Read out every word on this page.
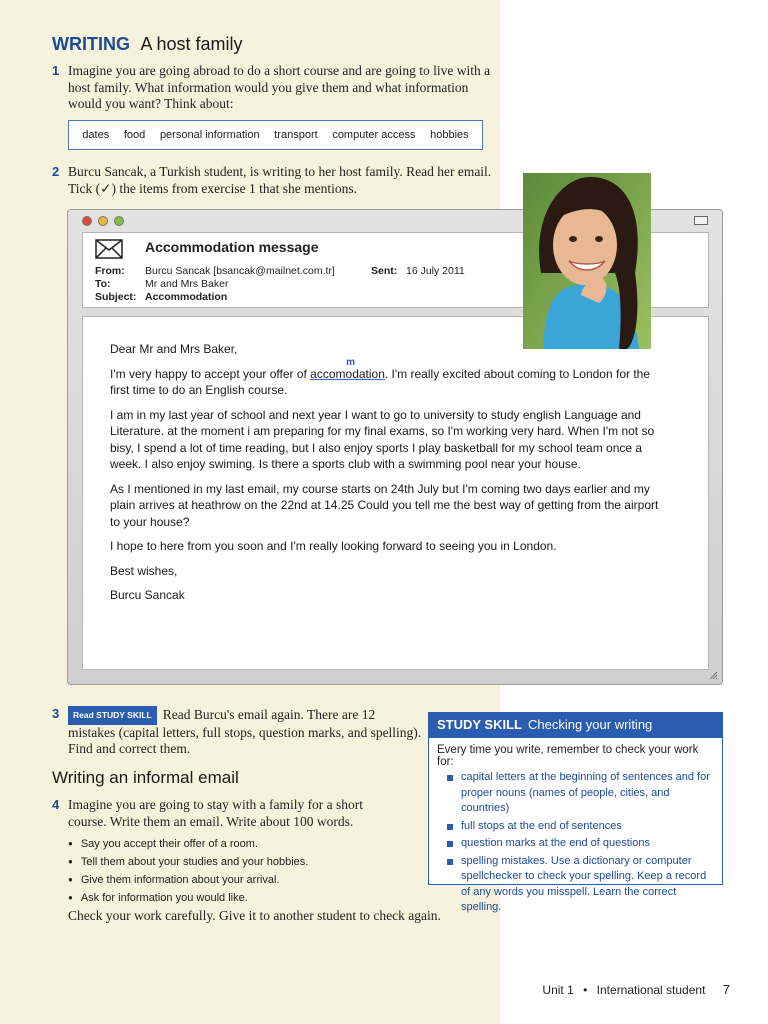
WRITING A host family
1 Imagine you are going abroad to do a short course and are going to live with a host family. What information would you give them and what information would you want? Think about:
dates food personal information transport computer access hobbies
2 Burcu Sancak, a Turkish student, is writing to her host family. Read her email. Tick (✓) the items from exercise 1 that she mentions.
Accommodation message
From: Burcu Sancak [bsancak@mailnet.com.tr]	Sent: 16 July 2011
To:	Mr and Mrs Baker
Subject: Accommodation

Dear Mr and Mrs Baker,

I'm very happy to accept your offer of
m
accomodation. I'm really excited about coming to London for the first time to do an English course.

I am in my last year of school and next year I want to go to university to study english Language and Literature. at the moment i am preparing for my final exams, so I'm working very hard. When I'm not so bisy, I spend a lot of time reading, but I also enjoy sports I play basketball for my school team once a week. I also enjoy swiming. Is there a sports club with a swimming pool near your house.

As I mentioned in my last email, my course starts on 24th July but I'm coming two days earlier and my plain arrives at heathrow on the 22nd at 14.25 Could you tell me the best way of getting from the airport to your house?

I hope to here from you soon and I'm really looking forward to seeing you in London.

Best wishes,

Burcu Sancak

3	Read STUDY SKILL Read Burcu's email again. There are 12 mistakes (capital letters, full stops, question marks, and spelling). Find and correct them.
Writing an informal email
4 Imagine you are going to stay with a family for a short course. Write them an email. Write about 100 words.
● Say you accept their offer of a room.
● Tell them about your studies and your hobbies.
● Give them information about your arrival.
● Ask for information you would like.
Check your work carefully. Give it to another student to check again.
STUDY SKILL Checking your writing
Every time you write, remember to check your work for:
capital letters at the beginning of sentences and for proper nouns (names of people, cities, and countries)
full stops at the end of sentences
question marks at the end of questions
spelling mistakes. Use a dictionary or computer spellchecker to check your spelling. Keep a record of any words you misspell. Learn the correct spelling.
Unit 1 • International student 7
